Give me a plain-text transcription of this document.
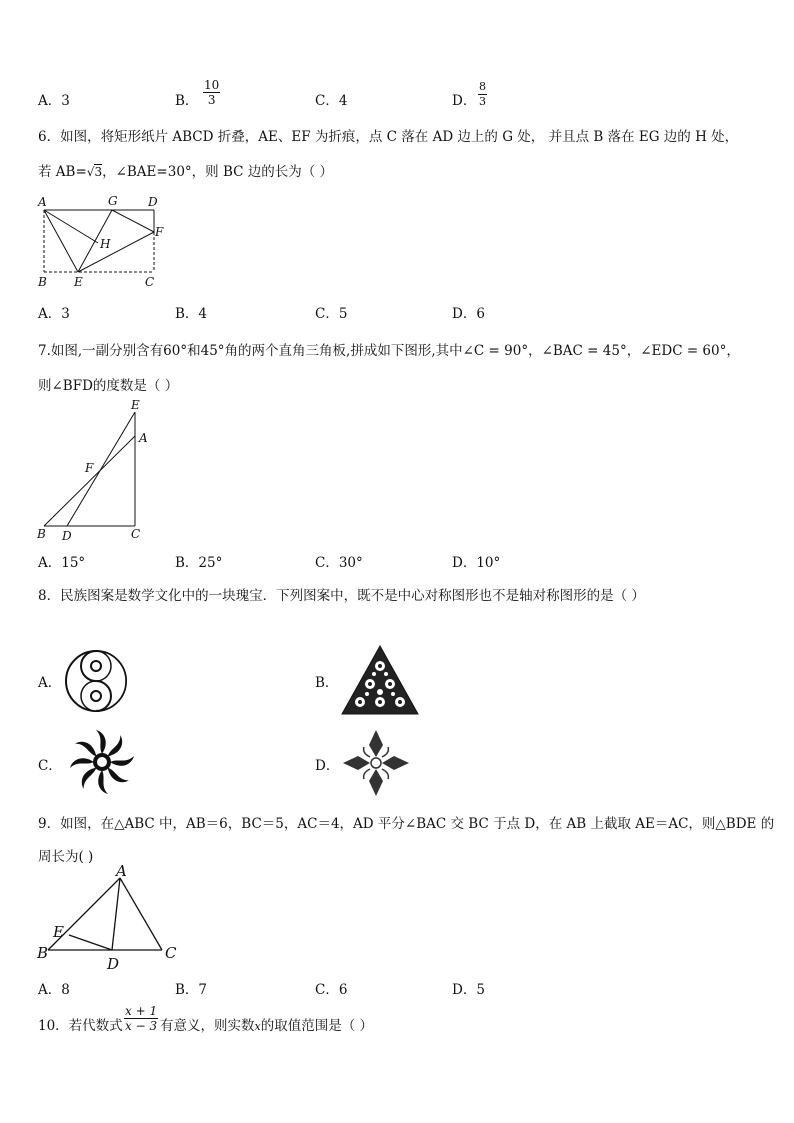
A．3	B． $\frac{10}{3}$	C．4	D． $\frac{8}{3}$
6．如图，将矩形纸片 ABCD 折叠，AE、EF 为折痕，点 C 落在 AD 边上的 G 处， 并且点 B 落在 EG 边的 H 处，
若 AB=√3，∠BAE=30°，则 BC 边的长为（ ）
A	G	D
F
H
B E	C
A．3	B．4	C．5	D．6
7.如图,一副分别含有60°和45°角的两个直角三角板,拼成如下图形,其中∠C = 90°，∠BAC = 45°，∠EDC = 60°，
则∠BFD的度数是（ ）
E
A
F
B D	C
A．15°	B．25°	C．30°	D．10°
8．民族图案是数学文化中的一块瑰宝．下列图案中，既不是中心对称图形也不是轴对称图形的是（ ）
A．	B．
C．	D．
9．如图，在△ABC 中，AB＝6，BC＝5，AC＝4，AD 平分∠BAC 交 BC 于点 D，在 AB 上截取 AE＝AC，则△BDE 的
周长为( )
A
E
B
D
C
A．8	B．7	C．6	D．5
10．若代数式 $\frac{x + 1}{x - 3}$ 有意义，则实数x的取值范围是（ ）
